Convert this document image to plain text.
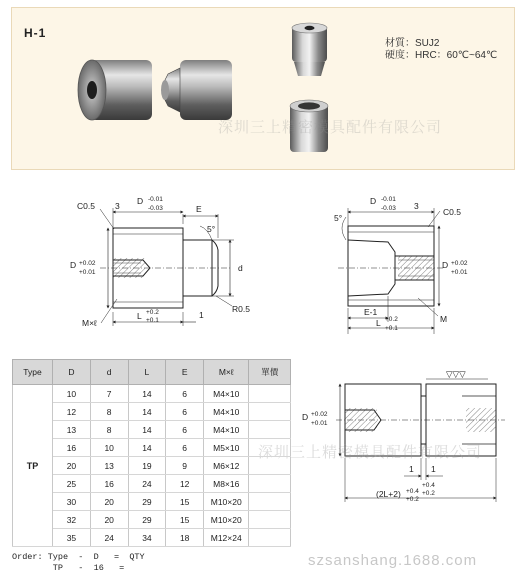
H-1
材質：SUJ2
硬度：HRC：60℃~64℃
C0.5 3 D -0.01
-0.03	E
5°
D +0.02
+0.01	d
M×ℓ
L +0.2
+0.1
1
R0.5
5°
D -0.01
-0.03 3
C0.5
D +0.02
+0.01
E-1
M
L +0.2
+0.1
D +0.02
+0.01
1 1
+0.4
+0.2
(2L+2) +0.4
+0.2
▽▽▽
深圳三上精密模具配件有限公司
深圳三上精密模具配件有限公司
szsanshang.1688.com
Type	D	d	L	E	M×ℓ	單價
TP	10	7	14	6	M4×10	
	12	8	14	6	M4×10	
	13	8	14	6	M4×10	
	16	10	14	6	M5×10	
	20	13	19	9	M6×12	
	25	16	24	12	M8×16	
	30	20	29	15	M10×20	
	32	20	29	15	M10×20	
	35	24	34	18	M12×24	
Order: Type  -  D   =  QTY
TP   -  16   =
